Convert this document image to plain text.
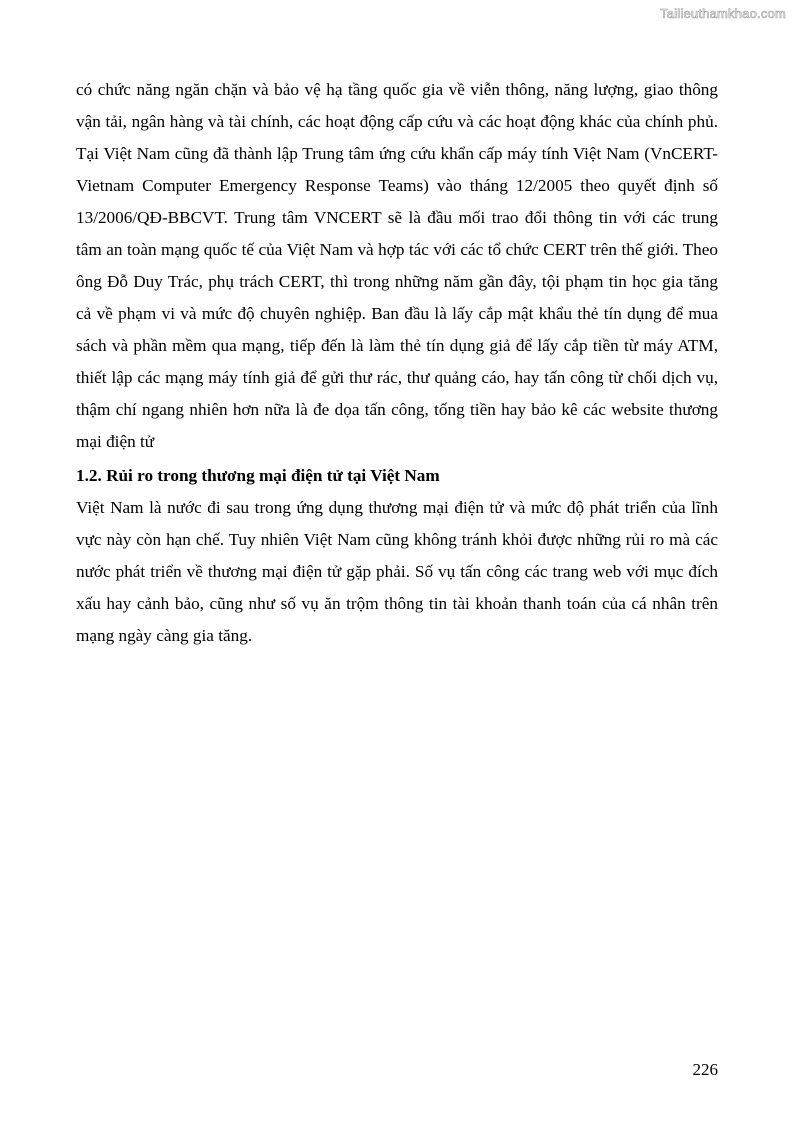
Tailieuthamkhao.com

có chức năng ngăn chặn và bảo vệ hạ tầng quốc gia về viễn thông, năng lượng, giao thông vận tải, ngân hàng và tài chính, các hoạt động cấp cứu và các hoạt động khác của chính phủ. Tại Việt Nam cũng đã thành lập Trung tâm ứng cứu khẩn cấp máy tính Việt Nam (VnCERT- Vietnam Computer Emergency Response Teams) vào tháng 12/2005 theo quyết định số 13/2006/QĐ-BBCVT. Trung tâm VNCERT sẽ là đầu mối trao đổi thông tin với các trung tâm an toàn mạng quốc tế của Việt Nam và hợp tác với các tổ chức CERT trên thế giới. Theo ông Đỗ Duy Trác, phụ trách CERT, thì trong những năm gần đây, tội phạm tin học gia tăng cả về phạm vi và mức độ chuyên nghiệp. Ban đầu là lấy cắp mật khẩu thẻ tín dụng để mua sách và phần mềm qua mạng, tiếp đến là làm thẻ tín dụng giả để lấy cắp tiền từ máy ATM, thiết lập các mạng máy tính giả để gửi thư rác, thư quảng cáo, hay tấn công từ chối dịch vụ, thậm chí ngang nhiên hơn nữa là đe dọa tấn công, tống tiền hay bảo kê các website thương mại điện tử

1.2. Rủi ro trong thương mại điện tử tại Việt Nam

Việt Nam là nước đi sau trong ứng dụng thương mại điện tử và mức độ phát triển của lĩnh vực này còn hạn chế. Tuy nhiên Việt Nam cũng không tránh khỏi được những rủi ro mà các nước phát triển về thương mại điện tử gặp phải. Số vụ tấn công các trang web với mục đích xấu hay cảnh bảo, cũng như số vụ ăn trộm thông tin tài khoản thanh toán của cá nhân trên mạng ngày càng gia tăng.

226
